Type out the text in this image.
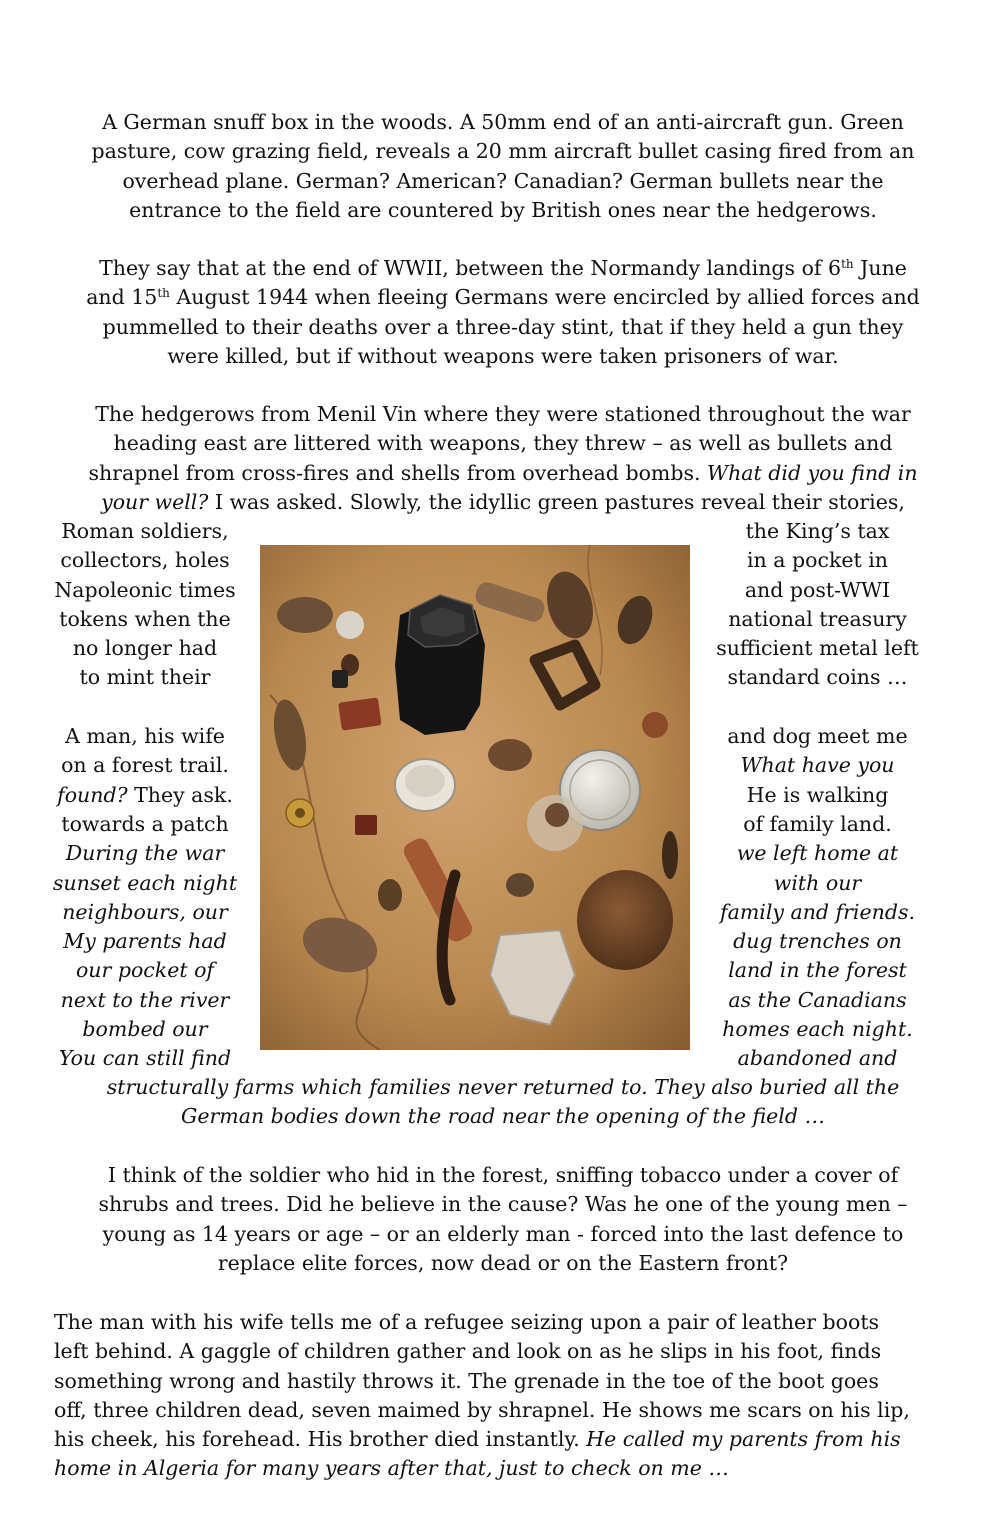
A German snuff box in the woods. A 50mm end of an anti-aircraft gun. Green
pasture, cow grazing field, reveals a 20 mm aircraft bullet casing fired from an
overhead plane. German? American? Canadian? German bullets near the
entrance to the field are countered by British ones near the hedgerows.
They say that at the end of WWII, between the Normandy landings of 6th June
and 15th August 1944 when fleeing Germans were encircled by allied forces and
pummelled to their deaths over a three-day stint, that if they held a gun they
were killed, but if without weapons were taken prisoners of war.
The hedgerows from Menil Vin where they were stationed throughout the war
heading east are littered with weapons, they threw – as well as bullets and
shrapnel from cross-fires and shells from overhead bombs. What did you find in
your well? I was asked. Slowly, the idyllic green pastures reveal their stories,
Roman soldiers,
collectors, holes
Napoleonic times
tokens when the
no longer had
to mint their
A man, his wife
on a forest trail.
found? They ask.
towards a patch
During the war
sunset each night
neighbours, our
My parents had
our pocket of
next to the river
bombed our
You can still find
the King’s tax
in a pocket in
and post-WWI
national treasury
sufficient metal left
standard coins …
and dog meet me
What have you
He is walking
of family land.
we left home at
with our
family and friends.
dug trenches on
land in the forest
as the Canadians
homes each night.
abandoned and
structurally farms which families never returned to. They also buried all the
German bodies down the road near the opening of the field …
I think of the soldier who hid in the forest, sniffing tobacco under a cover of
shrubs and trees. Did he believe in the cause? Was he one of the young men –
young as 14 years or age – or an elderly man - forced into the last defence to
replace elite forces, now dead or on the Eastern front?
The man with his wife tells me of a refugee seizing upon a pair of leather boots
left behind. A gaggle of children gather and look on as he slips in his foot, finds
something wrong and hastily throws it. The grenade in the toe of the boot goes
off, three children dead, seven maimed by shrapnel. He shows me scars on his lip,
his cheek, his forehead. His brother died instantly. He called my parents from his
home in Algeria for many years after that, just to check on me …
